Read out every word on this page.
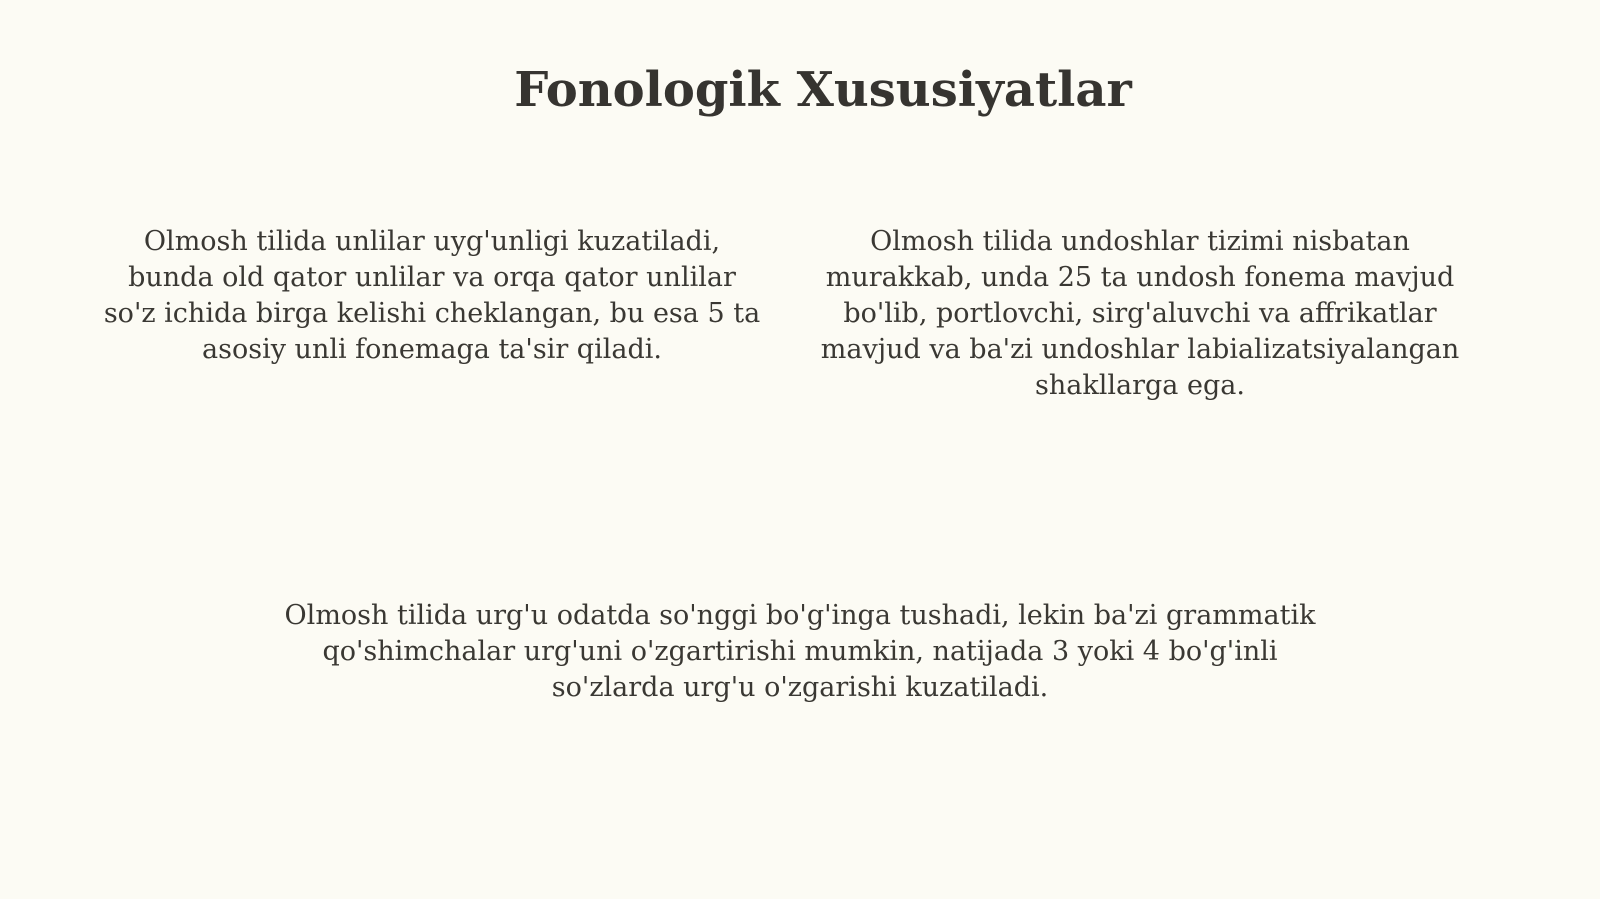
Fonologik Xususiyatlar

Olmosh tilida unlilar uyg'unligi kuzatiladi, bunda old qator unlilar va orqa qator unlilar so'z ichida birga kelishi cheklangan, bu esa 5 ta asosiy unli fonemaga ta'sir qiladi.

Olmosh tilida undoshlar tizimi nisbatan murakkab, unda 25 ta undosh fonema mavjud bo'lib, portlovchi, sirg'aluvchi va affrikatlar mavjud va ba'zi undoshlar labializatsiyalangan shakllarga ega.

Olmosh tilida urg'u odatda so'nggi bo'g'inga tushadi, lekin ba'zi grammatik qo'shimchalar urg'uni o'zgartirishi mumkin, natijada 3 yoki 4 bo'g'inli so'zlarda urg'u o'zgarishi kuzatiladi.
